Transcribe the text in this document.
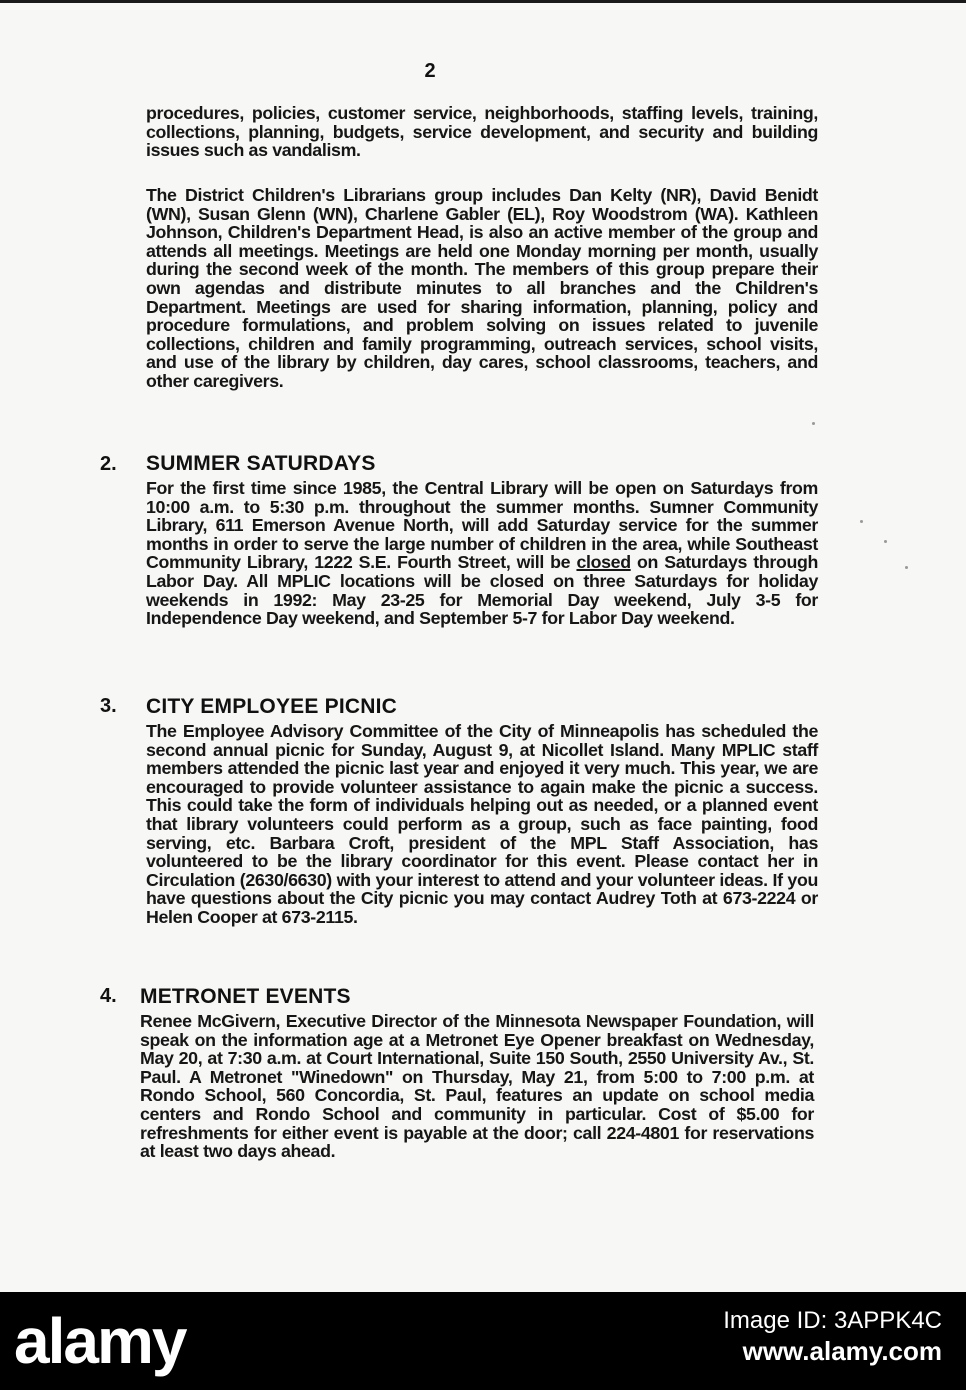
2

procedures, policies, customer service, neighborhoods, staffing levels, training, collections, planning, budgets, service development, and security and building issues such as vandalism.

The District Children's Librarians group includes Dan Kelty (NR), David Benidt (WN), Susan Glenn (WN), Charlene Gabler (EL), Roy Woodstrom (WA). Kathleen Johnson, Children's Department Head, is also an active member of the group and attends all meetings. Meetings are held one Monday morning per month, usually during the second week of the month. The members of this group prepare their own agendas and distribute minutes to all branches and the Children's Department. Meetings are used for sharing information, planning, policy and procedure formulations, and problem solving on issues related to juvenile collections, children and family programming, outreach services, school visits, and use of the library by children, day cares, school classrooms, teachers, and other caregivers.

2. SUMMER SATURDAYS

For the first time since 1985, the Central Library will be open on Saturdays from 10:00 a.m. to 5:30 p.m. throughout the summer months. Sumner Community Library, 611 Emerson Avenue North, will add Saturday service for the summer months in order to serve the large number of children in the area, while Southeast Community Library, 1222 S.E. Fourth Street, will be closed on Saturdays through Labor Day. All MPLIC locations will be closed on three Saturdays for holiday weekends in 1992: May 23-25 for Memorial Day weekend, July 3-5 for Independence Day weekend, and September 5-7 for Labor Day weekend.

3. CITY EMPLOYEE PICNIC

The Employee Advisory Committee of the City of Minneapolis has scheduled the second annual picnic for Sunday, August 9, at Nicollet Island. Many MPLIC staff members attended the picnic last year and enjoyed it very much. This year, we are encouraged to provide volunteer assistance to again make the picnic a success. This could take the form of individuals helping out as needed, or a planned event that library volunteers could perform as a group, such as face painting, food serving, etc. Barbara Croft, president of the MPL Staff Association, has volunteered to be the library coordinator for this event. Please contact her in Circulation (2630/6630) with your interest to attend and your volunteer ideas. If you have questions about the City picnic you may contact Audrey Toth at 673-2224 or Helen Cooper at 673-2115.

4. METRONET EVENTS

Renee McGivern, Executive Director of the Minnesota Newspaper Foundation, will speak on the information age at a Metronet Eye Opener breakfast on Wednesday, May 20, at 7:30 a.m. at Court International, Suite 150 South, 2550 University Av., St. Paul. A Metronet "Winedown" on Thursday, May 21, from 5:00 to 7:00 p.m. at Rondo School, 560 Concordia, St. Paul, features an update on school media centers and Rondo School and community in particular. Cost of $5.00 for refreshments for either event is payable at the door; call 224-4801 for reservations at least two days ahead.

alamy	Image ID: 3APPK4C
www.alamy.com
